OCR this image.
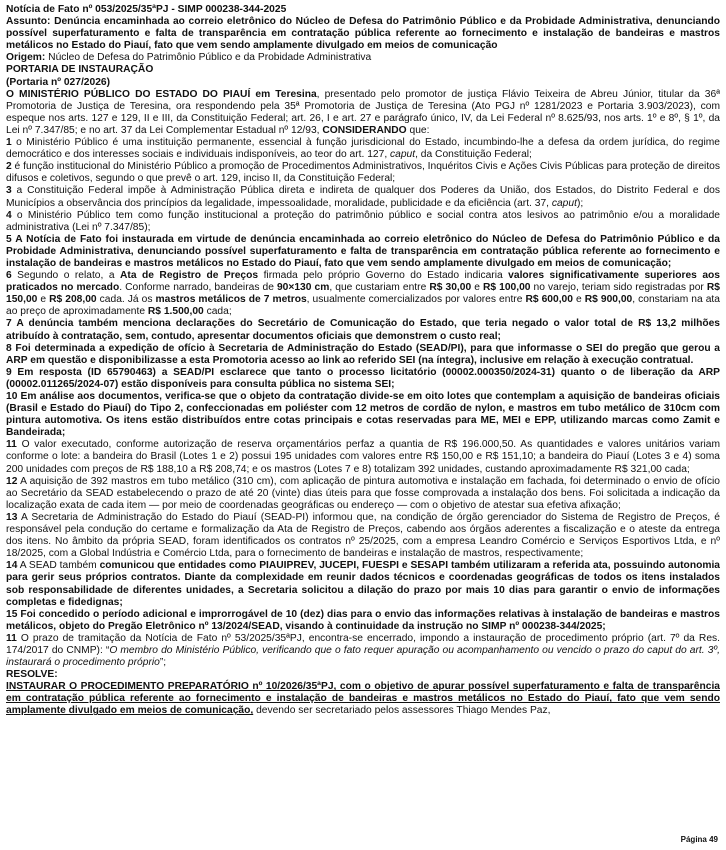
Notícia de Fato nº 053/2025/35ªPJ - SIMP 000238-344-2025

Assunto: Denúncia encaminhada ao correio eletrônico do Núcleo de Defesa do Patrimônio Público e da Probidade Administrativa, denunciando possível superfaturamento e falta de transparência em contratação pública referente ao fornecimento e instalação de bandeiras e mastros metálicos no Estado do Piauí, fato que vem sendo amplamente divulgado em meios de comunicação

Origem: Núcleo de Defesa do Patrimônio Público e da Probidade Administrativa

PORTARIA DE INSTAURAÇÃO

(Portaria nº 027/2026)

O MINISTÉRIO PÚBLICO DO ESTADO DO PIAUÍ em Teresina, presentado pelo promotor de justiça Flávio Teixeira de Abreu Júnior, titular da 36ª Promotoria de Justiça de Teresina, ora respondendo pela 35ª Promotoria de Justiça de Teresina (Ato PGJ nº 1281/2023 e Portaria 3.903/2023), com espeque nos arts. 127 e 129, II e III, da Constituição Federal; art. 26, I e art. 27 e parágrafo único, IV, da Lei Federal nº 8.625/93, nos arts. 1º e 8º, § 1º, da Lei nº 7.347/85; e no art. 37 da Lei Complementar Estadual nº 12/93, CONSIDERANDO que:

1 o Ministério Público é uma instituição permanente, essencial à função jurisdicional do Estado, incumbindo-lhe a defesa da ordem jurídica, do regime democrático e dos interesses sociais e individuais indisponíveis, ao teor do art. 127, caput, da Constituição Federal;

2 é função institucional do Ministério Público a promoção de Procedimentos Administrativos, Inquéritos Civis e Ações Civis Públicas para proteção de direitos difusos e coletivos, segundo o que prevê o art. 129, inciso II, da Constituição Federal;

3 a Constituição Federal impõe à Administração Pública direta e indireta de qualquer dos Poderes da União, dos Estados, do Distrito Federal e dos Municípios a observância dos princípios da legalidade, impessoalidade, moralidade, publicidade e da eficiência (art. 37, caput);

4 o Ministério Público tem como função institucional a proteção do patrimônio público e social contra atos lesivos ao patrimônio e/ou a moralidade administrativa (Lei nº 7.347/85);

5 A Notícia de Fato foi instaurada em virtude de denúncia encaminhada ao correio eletrônico do Núcleo de Defesa do Patrimônio Público e da Probidade Administrativa, denunciando possível superfaturamento e falta de transparência em contratação pública referente ao fornecimento e instalação de bandeiras e mastros metálicos no Estado do Piauí, fato que vem sendo amplamente divulgado em meios de comunicação;

6 Segundo o relato, a Ata de Registro de Preços firmada pelo próprio Governo do Estado indicaria valores significativamente superiores aos praticados no mercado. Conforme narrado, bandeiras de 90×130 cm, que custariam entre R$ 30,00 e R$ 100,00 no varejo, teriam sido registradas por R$ 150,00 e R$ 208,00 cada. Já os mastros metálicos de 7 metros, usualmente comercializados por valores entre R$ 600,00 e R$ 900,00, constariam na ata ao preço de aproximadamente R$ 1.500,00 cada;

7 A denúncia também menciona declarações do Secretário de Comunicação do Estado, que teria negado o valor total de R$ 13,2 milhões atribuído à contratação, sem, contudo, apresentar documentos oficiais que demonstrem o custo real;

8 Foi determinada a expedição de ofício à Secretaria de Administração do Estado (SEAD/PI), para que informasse o SEI do pregão que gerou a ARP em questão e disponibilizasse a esta Promotoria acesso ao link ao referido SEI (na íntegra), inclusive em relação à execução contratual.

9 Em resposta (ID 65790463) a SEAD/PI esclarece que tanto o processo licitatório (00002.000350/2024-31) quanto o de liberação da ARP (00002.011265/2024-07) estão disponíveis para consulta pública no sistema SEI;

10 Em análise aos documentos, verifica-se que o objeto da contratação divide-se em oito lotes que contemplam a aquisição de bandeiras oficiais (Brasil e Estado do Piauí) do Tipo 2, confeccionadas em poliéster com 12 metros de cordão de nylon, e mastros em tubo metálico de 310cm com pintura automotiva. Os itens estão distribuídos entre cotas principais e cotas reservadas para ME, MEI e EPP, utilizando marcas como Zamit e Bandeirada;

11 O valor executado, conforme autorização de reserva orçamentários perfaz a quantia de R$ 196.000,50. As quantidades e valores unitários variam conforme o lote: a bandeira do Brasil (Lotes 1 e 2) possui 195 unidades com valores entre R$ 150,00 e R$ 151,10; a bandeira do Piauí (Lotes 3 e 4) soma 200 unidades com preços de R$ 188,10 a R$ 208,74; e os mastros (Lotes 7 e 8) totalizam 392 unidades, custando aproximadamente R$ 321,00 cada;

12 A aquisição de 392 mastros em tubo metálico (310 cm), com aplicação de pintura automotiva e instalação em fachada, foi determinado o envio de ofício ao Secretário da SEAD estabelecendo o prazo de até 20 (vinte) dias úteis para que fosse comprovada a instalação dos bens. Foi solicitada a indicação da localização exata de cada item — por meio de coordenadas geográficas ou endereço — com o objetivo de atestar sua efetiva afixação;

13 A Secretaria de Administração do Estado do Piauí (SEAD-PI) informou que, na condição de órgão gerenciador do Sistema de Registro de Preços, é responsável pela condução do certame e formalização da Ata de Registro de Preços, cabendo aos órgãos aderentes a fiscalização e o ateste da entrega dos itens. No âmbito da própria SEAD, foram identificados os contratos nº 25/2025, com a empresa Leandro Comércio e Serviços Esportivos Ltda, e nº 18/2025, com a Global Indústria e Comércio Ltda, para o fornecimento de bandeiras e instalação de mastros, respectivamente;

14 A SEAD também comunicou que entidades como PIAUIPREV, JUCEPI, FUESPI e SESAPI também utilizaram a referida ata, possuindo autonomia para gerir seus próprios contratos. Diante da complexidade em reunir dados técnicos e coordenadas geográficas de todos os itens instalados sob responsabilidade de diferentes unidades, a Secretaria solicitou a dilação do prazo por mais 10 dias para garantir o envio de informações completas e fidedignas;

15 Foi concedido o período adicional e improrrogável de 10 (dez) dias para o envio das informações relativas à instalação de bandeiras e mastros metálicos, objeto do Pregão Eletrônico nº 13/2024/SEAD, visando à continuidade da instrução no SIMP nº 000238-344/2025;

11 O prazo de tramitação da Notícia de Fato nº 53/2025/35ªPJ, encontra-se encerrado, impondo a instauração de procedimento próprio (art. 7º da Res. 174/2017 do CNMP): “O membro do Ministério Público, verificando que o fato requer apuração ou acompanhamento ou vencido o prazo do caput do art. 3º, instaurará o procedimento próprio”;

RESOLVE:

INSTAURAR O PROCEDIMENTO PREPARATÓRIO nº 10/2026/35ªPJ, com o objetivo de apurar possível superfaturamento e falta de transparência em contratação pública referente ao fornecimento e instalação de bandeiras e mastros metálicos no Estado do Piauí, fato que vem sendo amplamente divulgado em meios de comunicação, devendo ser secretariado pelos assessores Thiago Mendes Paz,

Página 49
